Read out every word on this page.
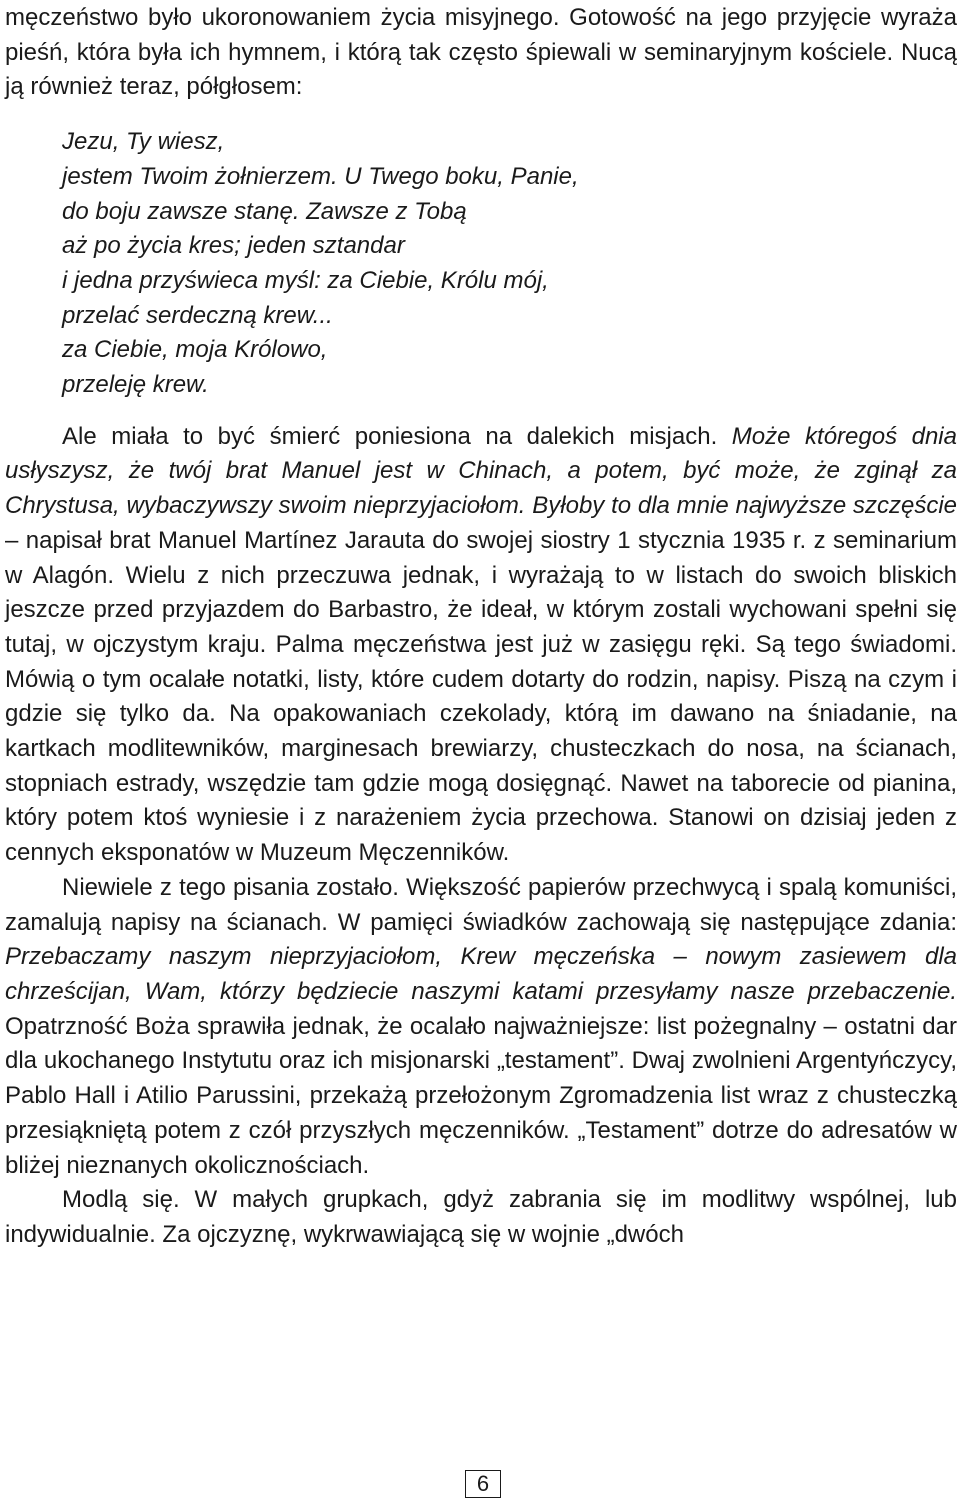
męczeństwo było ukoronowaniem życia misyjnego. Gotowość na jego przyjęcie wyraża pieśń, która była ich hymnem, i którą tak często śpiewali w seminaryjnym kościele. Nucą ją również teraz, półgłosem:

Jezu, Ty wiesz,
jestem Twoim żołnierzem. U Twego boku, Panie,
do boju zawsze stanę. Zawsze z Tobą
aż po życia kres; jeden sztandar
i jedna przyświeca myśl: za Ciebie, Królu mój,
przelać serdeczną krew...
za Ciebie, moja Królowo,
przeleję krew.

Ale miała to być śmierć poniesiona na dalekich misjach. Może któregoś dnia usłyszysz, że twój brat Manuel jest w Chinach, a potem, być może, że zginął za Chrystusa, wybaczywszy swoim nieprzyjaciołom. Byłoby to dla mnie najwyższe szczęście – napisał brat Manuel Martínez Jarauta do swojej siostry 1 stycznia 1935 r. z seminarium w Alagón. Wielu z nich przeczuwa jednak, i wyrażają to w listach do swoich bliskich jeszcze przed przyjazdem do Barbastro, że ideał, w którym zostali wychowani spełni się tutaj, w ojczystym kraju. Palma męczeństwa jest już w zasięgu ręki. Są tego świadomi. Mówią o tym ocalałe notatki, listy, które cudem dotarty do rodzin, napisy. Piszą na czym i gdzie się tylko da. Na opakowaniach czekolady, którą im dawano na śniadanie, na kartkach modlitewników, marginesach brewiarzy, chusteczkach do nosa, na ścianach, stopniach estrady, wszędzie tam gdzie mogą dosięgnąć. Nawet na taborecie od pianina, który potem ktoś wyniesie i z narażeniem życia przechowa. Stanowi on dzisiaj jeden z cennych eksponatów w Muzeum Męczenników.

Niewiele z tego pisania zostało. Większość papierów przechwycą i spalą komuniści, zamalują napisy na ścianach. W pamięci świadków zachowają się następujące zdania: Przebaczamy naszym nieprzyjaciołom, Krew męczeńska – nowym zasiewem dla chrześcijan, Wam, którzy będziecie naszymi katami przesyłamy nasze przebaczenie. Opatrzność Boża sprawiła jednak, że ocalało najważniejsze: list pożegnalny – ostatni dar dla ukochanego Instytutu oraz ich misjonarski „testament”. Dwaj zwolnieni Argentyńczycy, Pablo Hall i Atilio Parussini, przekażą przełożonym Zgromadzenia list wraz z chusteczką przesiąkniętą potem z czół przyszłych męczenników. „Testament” dotrze do adresatów w bliżej nieznanych okolicznościach.

Modlą się. W małych grupkach, gdyż zabrania się im modlitwy wspólnej, lub indywidualnie. Za ojczyznę, wykrwawiającą się w wojnie „dwóch

6
